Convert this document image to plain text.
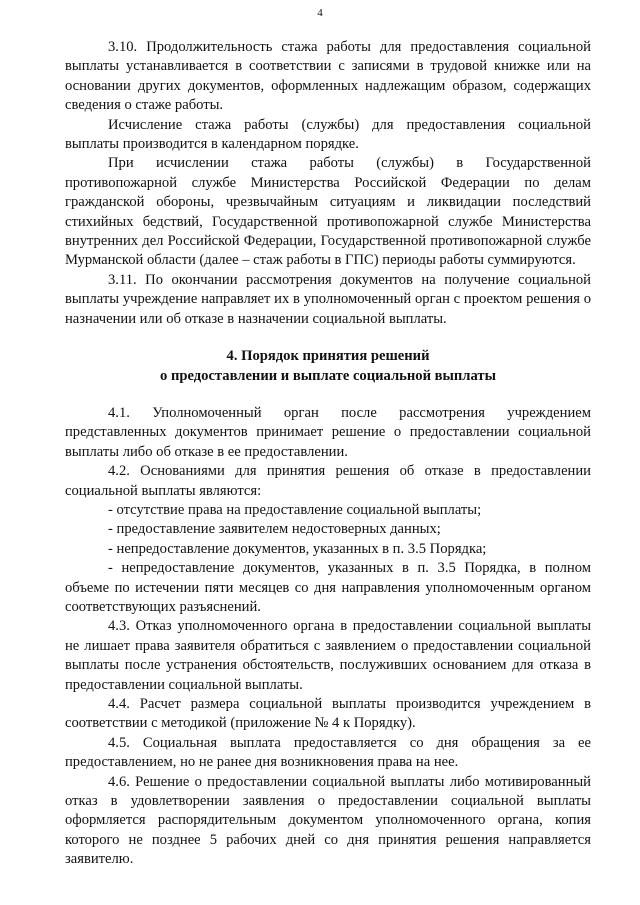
4

3.10. Продолжительность стажа работы для предоставления социальной выплаты устанавливается в соответствии с записями в трудовой книжке или на основании других документов, оформленных надлежащим образом, содержащих сведения о стаже работы.

Исчисление стажа работы (службы) для предоставления социальной выплаты производится в календарном порядке.

При исчислении стажа работы (службы) в Государственной противопожарной службе Министерства Российской Федерации по делам гражданской обороны, чрезвычайным ситуациям и ликвидации последствий стихийных бедствий, Государственной противопожарной службе Министерства внутренних дел Российской Федерации, Государственной противопожарной службе Мурманской области (далее – стаж работы в ГПС) периоды работы суммируются.

3.11. По окончании рассмотрения документов на получение социальной выплаты учреждение направляет их в уполномоченный орган с проектом решения о назначении или об отказе в назначении социальной выплаты.

4. Порядок принятия решений
о предоставлении и выплате социальной выплаты

4.1. Уполномоченный орган после рассмотрения учреждением представленных документов принимает решение о предоставлении социальной выплаты либо об отказе в ее предоставлении.

4.2. Основаниями для принятия решения об отказе в предоставлении социальной выплаты являются:

- отсутствие права на предоставление социальной выплаты;

- предоставление заявителем недостоверных данных;

- непредоставление документов, указанных в п. 3.5 Порядка;

- непредоставление документов, указанных в п. 3.5 Порядка, в полном объеме по истечении пяти месяцев со дня направления уполномоченным органом соответствующих разъяснений.

4.3. Отказ уполномоченного органа в предоставлении социальной выплаты не лишает права заявителя обратиться с заявлением о предоставлении социальной выплаты после устранения обстоятельств, послуживших основанием для отказа в предоставлении социальной выплаты.

4.4. Расчет размера социальной выплаты производится учреждением в соответствии с методикой (приложение № 4 к Порядку).

4.5. Социальная выплата предоставляется со дня обращения за ее предоставлением, но не ранее дня возникновения права на нее.

4.6. Решение о предоставлении социальной выплаты либо мотивированный отказ в удовлетворении заявления о предоставлении социальной выплаты оформляется распорядительным документом уполномоченного органа, копия которого не позднее 5 рабочих дней со дня принятия решения направляется заявителю.
